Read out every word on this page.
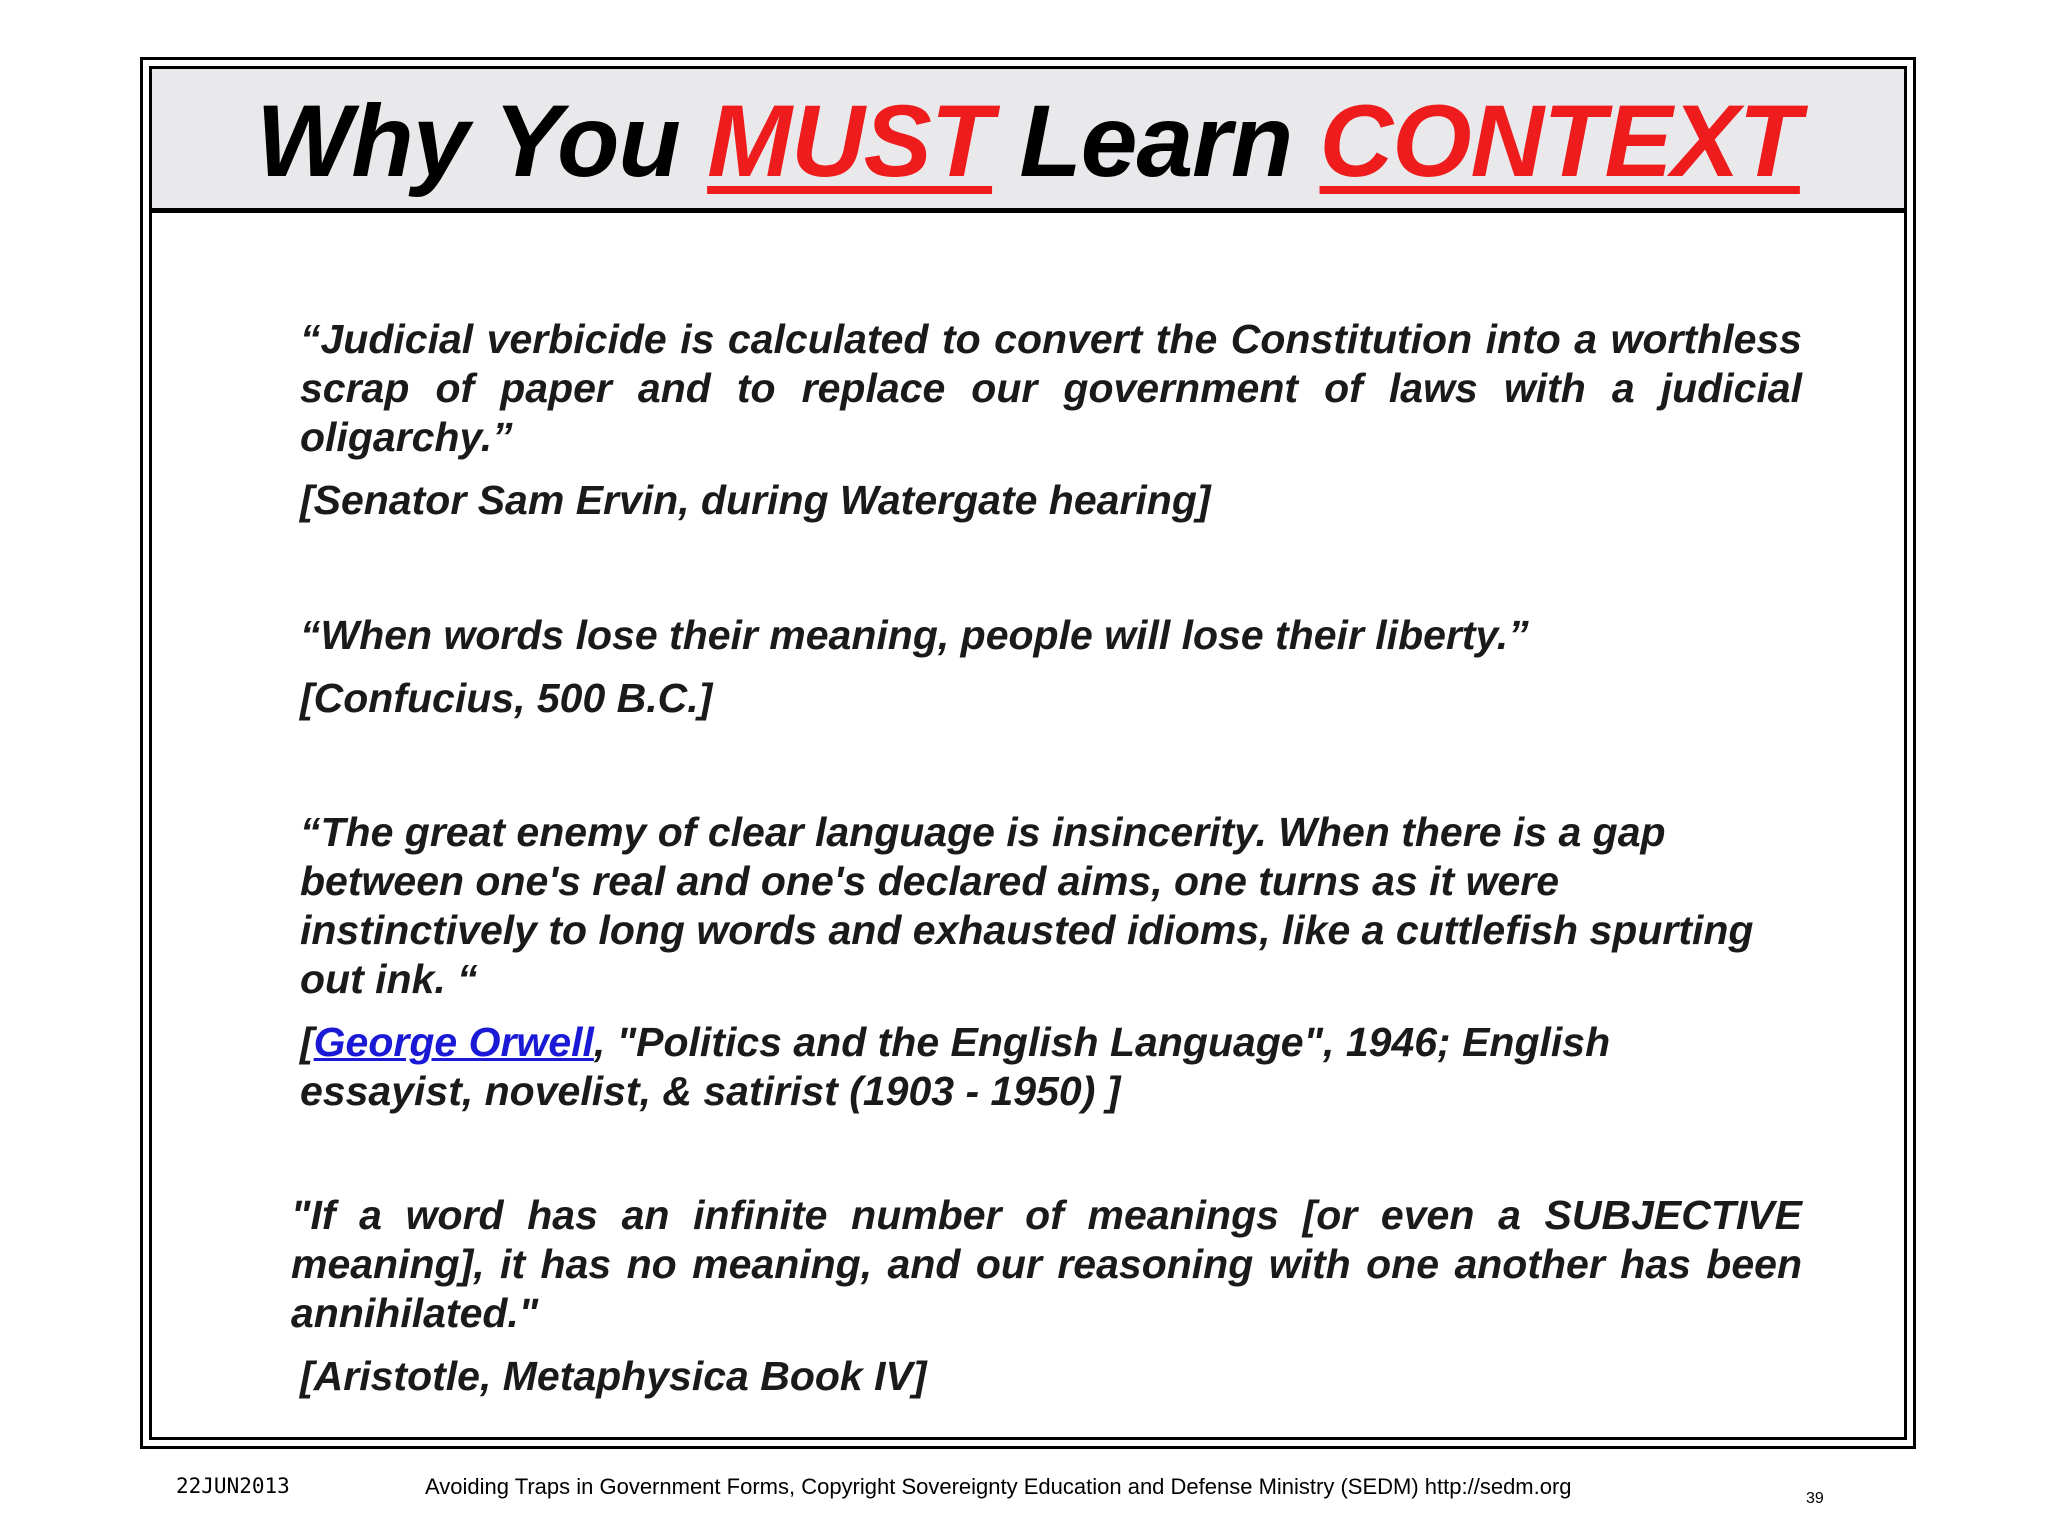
Why You MUST Learn CONTEXT

“Judicial verbicide is calculated to convert the Constitution into a worthless scrap of paper and to replace our government of laws with a judicial oligarchy.”

[Senator Sam Ervin, during Watergate hearing]

“When words lose their meaning, people will lose their liberty.”

[Confucius, 500 B.C.]

“The great enemy of clear language is insincerity. When there is a gap between one's real and one's declared aims, one turns as it were instinctively to long words and exhausted idioms, like a cuttlefish spurting out ink. “

[George Orwell, "Politics and the English Language", 1946; English essayist, novelist, & satirist (1903 - 1950) ]

"If a word has an infinite number of meanings [or even a SUBJECTIVE meaning], it has no meaning, and our reasoning with one another has been annihilated."

[Aristotle, Metaphysica Book IV]

22JUN2013	Avoiding Traps in Government Forms, Copyright Sovereignty Education and Defense Ministry (SEDM) http://sedm.org	39
